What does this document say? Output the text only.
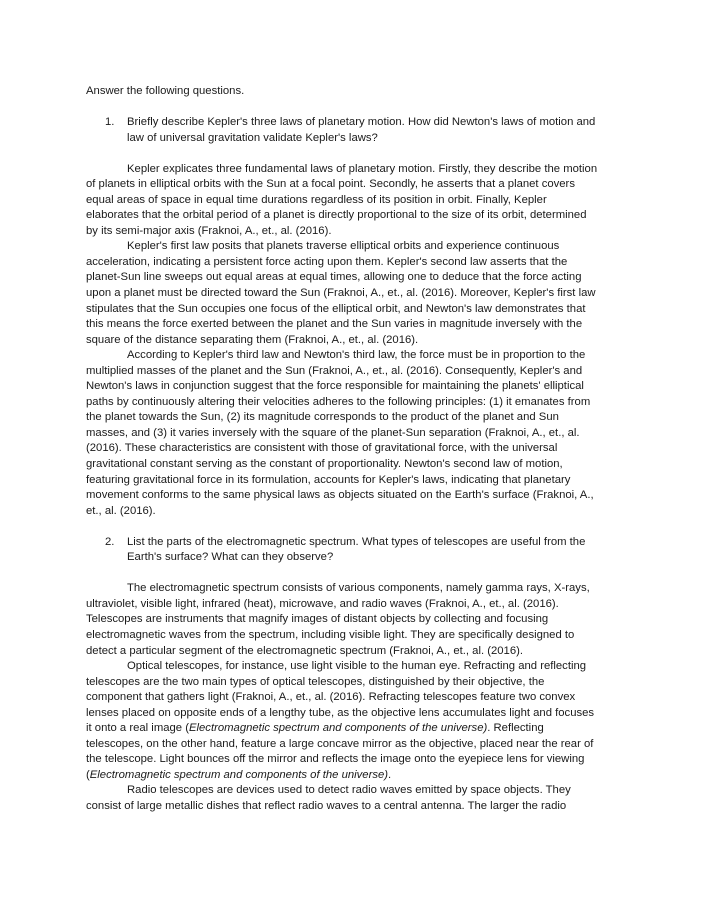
Answer the following questions.

1. Briefly describe Kepler's three laws of planetary motion. How did Newton's laws of motion and law of universal gravitation validate Kepler's laws?

Kepler explicates three fundamental laws of planetary motion. Firstly, they describe the motion of planets in elliptical orbits with the Sun at a focal point. Secondly, he asserts that a planet covers equal areas of space in equal time durations regardless of its position in orbit. Finally, Kepler elaborates that the orbital period of a planet is directly proportional to the size of its orbit, determined by its semi-major axis (Fraknoi, A., et., al. (2016).

Kepler's first law posits that planets traverse elliptical orbits and experience continuous acceleration, indicating a persistent force acting upon them. Kepler's second law asserts that the planet-Sun line sweeps out equal areas at equal times, allowing one to deduce that the force acting upon a planet must be directed toward the Sun (Fraknoi, A., et., al. (2016). Moreover, Kepler's first law stipulates that the Sun occupies one focus of the elliptical orbit, and Newton's law demonstrates that this means the force exerted between the planet and the Sun varies in magnitude inversely with the square of the distance separating them (Fraknoi, A., et., al. (2016).

According to Kepler's third law and Newton's third law, the force must be in proportion to the multiplied masses of the planet and the Sun (Fraknoi, A., et., al. (2016). Consequently, Kepler's and Newton's laws in conjunction suggest that the force responsible for maintaining the planets' elliptical paths by continuously altering their velocities adheres to the following principles: (1) it emanates from the planet towards the Sun, (2) its magnitude corresponds to the product of the planet and Sun masses, and (3) it varies inversely with the square of the planet-Sun separation (Fraknoi, A., et., al. (2016). These characteristics are consistent with those of gravitational force, with the universal gravitational constant serving as the constant of proportionality. Newton's second law of motion, featuring gravitational force in its formulation, accounts for Kepler's laws, indicating that planetary movement conforms to the same physical laws as objects situated on the Earth's surface (Fraknoi, A., et., al. (2016).

2. List the parts of the electromagnetic spectrum. What types of telescopes are useful from the Earth's surface? What can they observe?

The electromagnetic spectrum consists of various components, namely gamma rays, X-rays, ultraviolet, visible light, infrared (heat), microwave, and radio waves (Fraknoi, A., et., al. (2016). Telescopes are instruments that magnify images of distant objects by collecting and focusing electromagnetic waves from the spectrum, including visible light. They are specifically designed to detect a particular segment of the electromagnetic spectrum (Fraknoi, A., et., al. (2016).

Optical telescopes, for instance, use light visible to the human eye. Refracting and reflecting telescopes are the two main types of optical telescopes, distinguished by their objective, the component that gathers light (Fraknoi, A., et., al. (2016). Refracting telescopes feature two convex lenses placed on opposite ends of a lengthy tube, as the objective lens accumulates light and focuses it onto a real image (Electromagnetic spectrum and components of the universe). Reflecting telescopes, on the other hand, feature a large concave mirror as the objective, placed near the rear of the telescope. Light bounces off the mirror and reflects the image onto the eyepiece lens for viewing (Electromagnetic spectrum and components of the universe).

Radio telescopes are devices used to detect radio waves emitted by space objects. They consist of large metallic dishes that reflect radio waves to a central antenna. The larger the radio
